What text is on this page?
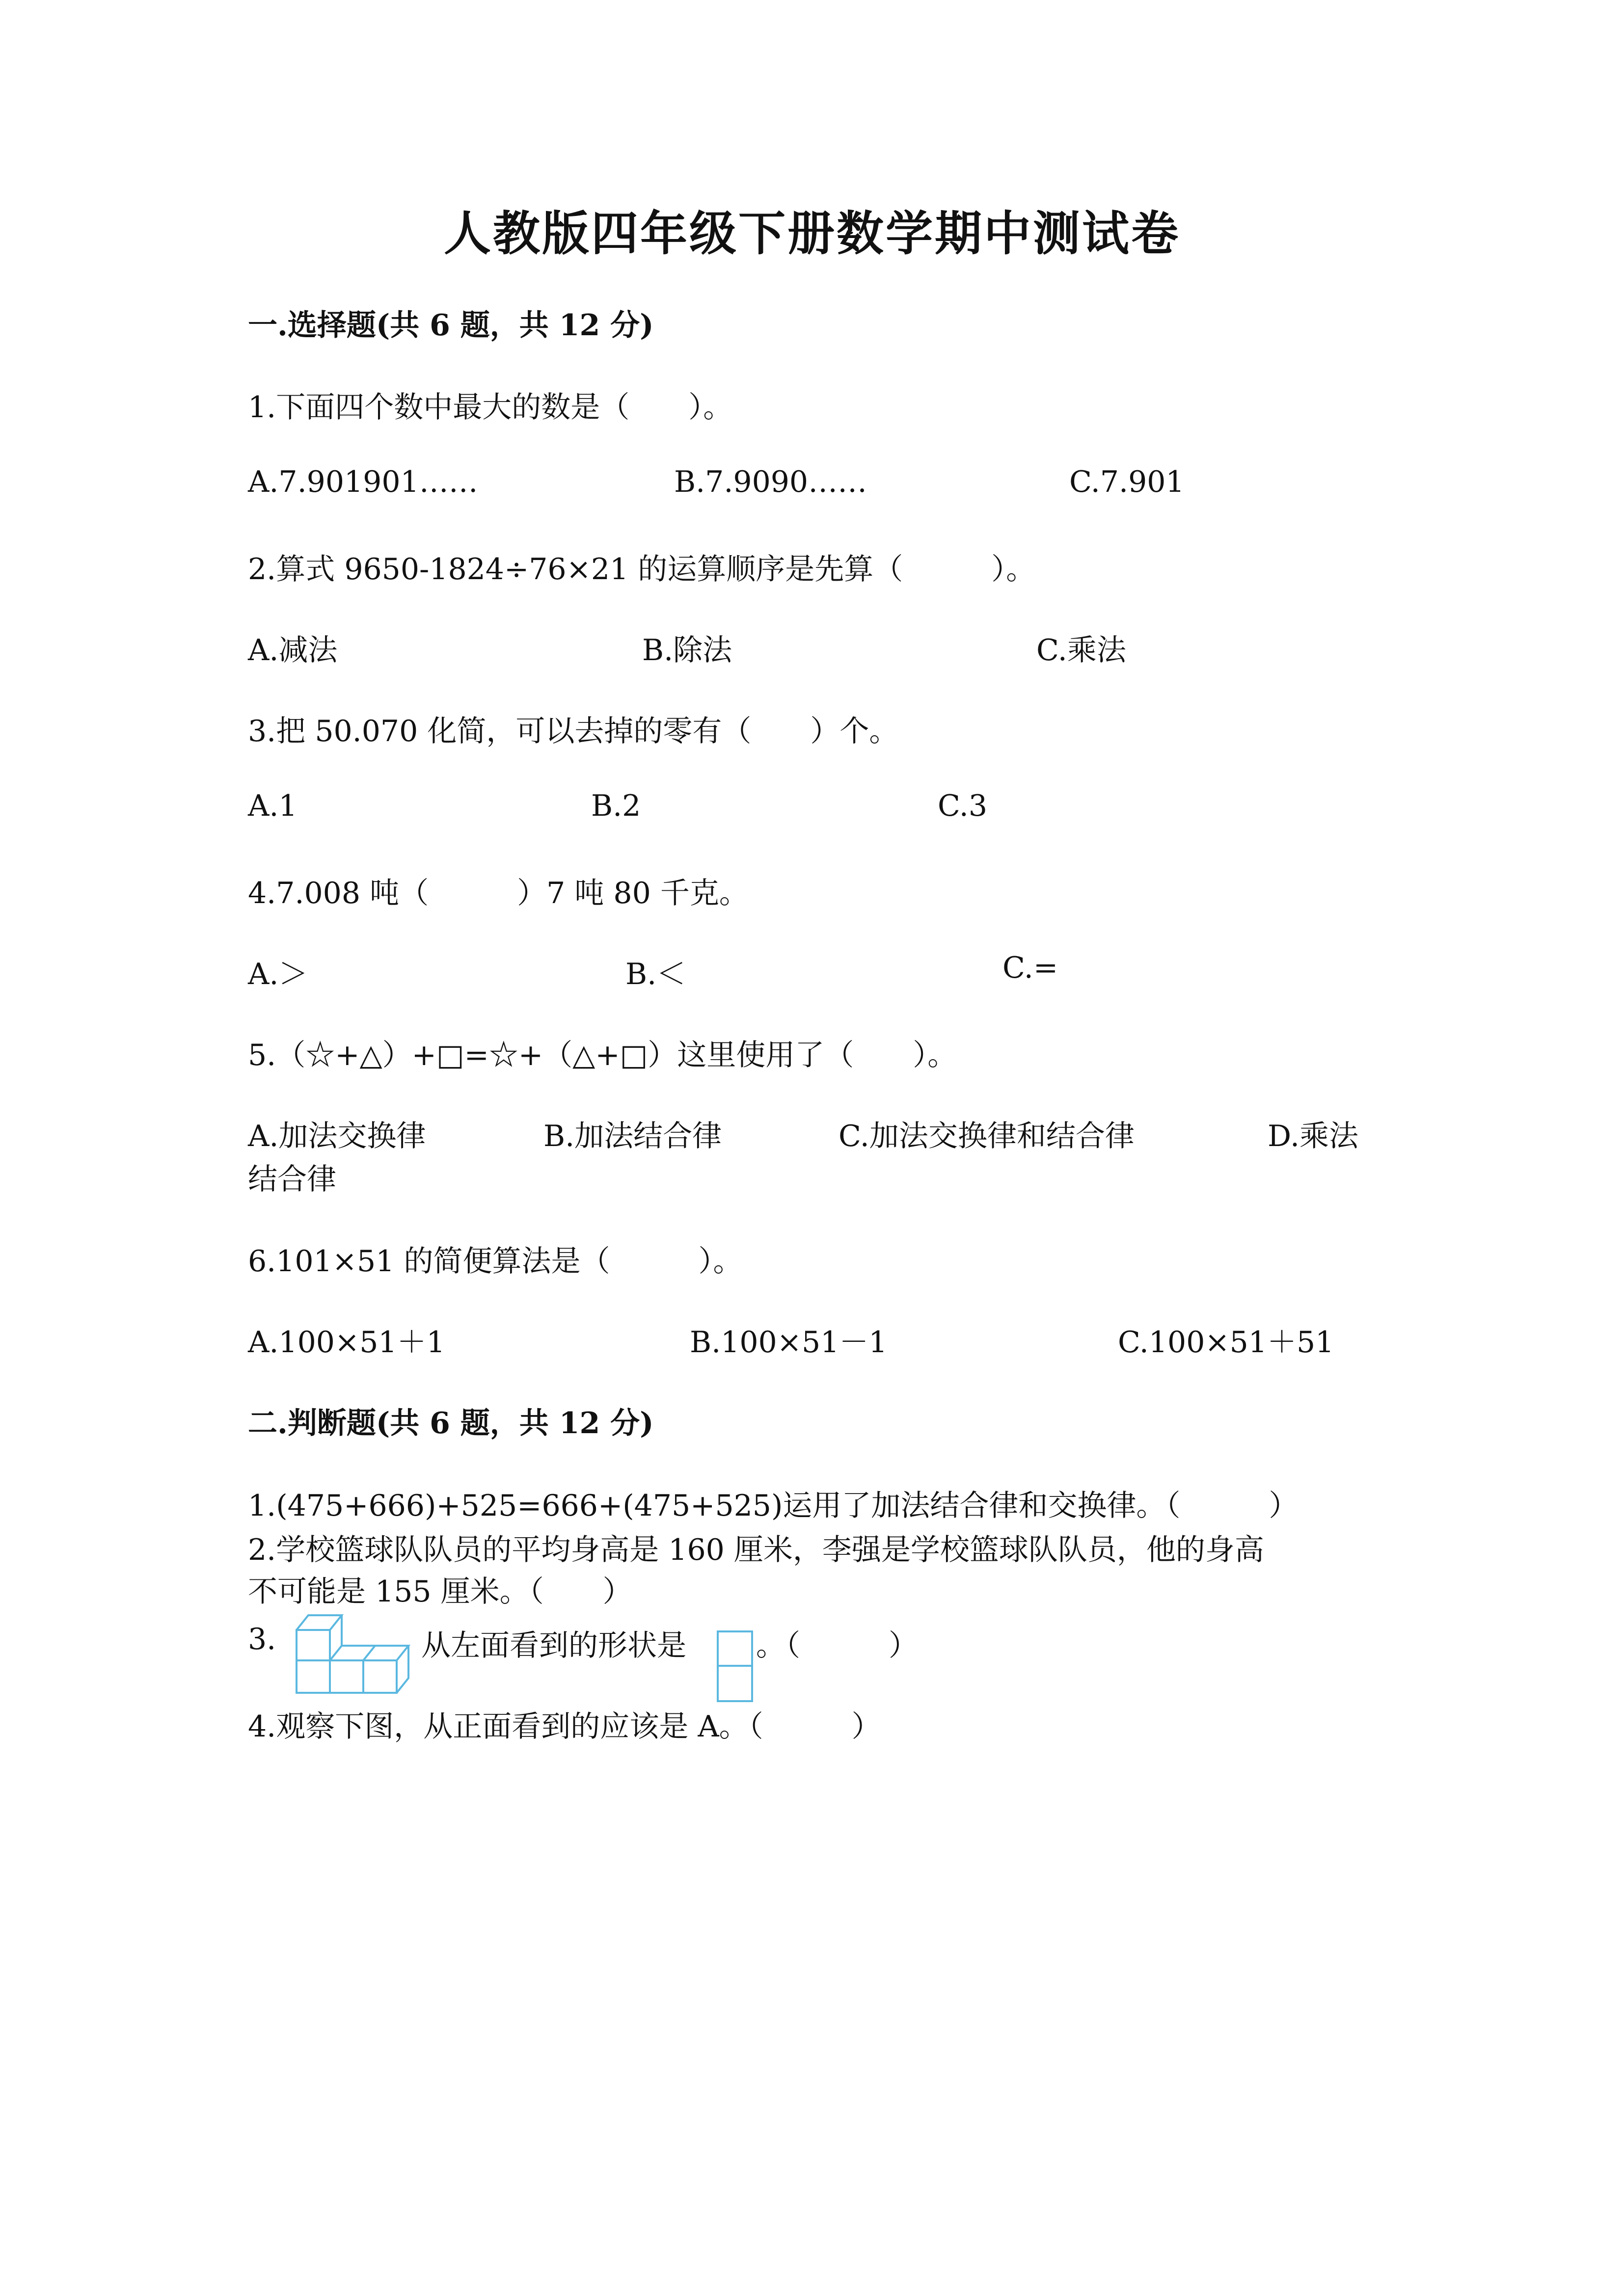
人教版四年级下册数学期中测试卷
一.选择题(共 6 题，共 12 分)
1.下面四个数中最大的数是（　　）。
A.7.901901……	B.7.9090……	C.7.901
2.算式 9650-1824÷76×21 的运算顺序是先算（　　　）。
A.减法	B.除法	C.乘法
3.把 50.070 化简，可以去掉的零有（　　）个。
A.1	B.2	C.3
4.7.008 吨（　　　）7 吨 80 千克。
A.＞	B.＜	C.=
5.（☆+△）+□=☆+（△+□）这里使用了（　　）。
A.加法交换律	B.加法结合律	C.加法交换律和结合律	D.乘法
结合律
6.101×51 的简便算法是（　　　）。
A.100×51＋1	B.100×51－1	C.100×51＋51
二.判断题(共 6 题，共 12 分)
1.(475+666)+525=666+(475+525)运用了加法结合律和交换律。（　　　）
2.学校篮球队队员的平均身高是 160 厘米，李强是学校篮球队队员，他的身高
不可能是 155 厘米。（　　）
3.	从左面看到的形状是 。（　　　）
4.观察下图，从正面看到的应该是 A。（　　　）
